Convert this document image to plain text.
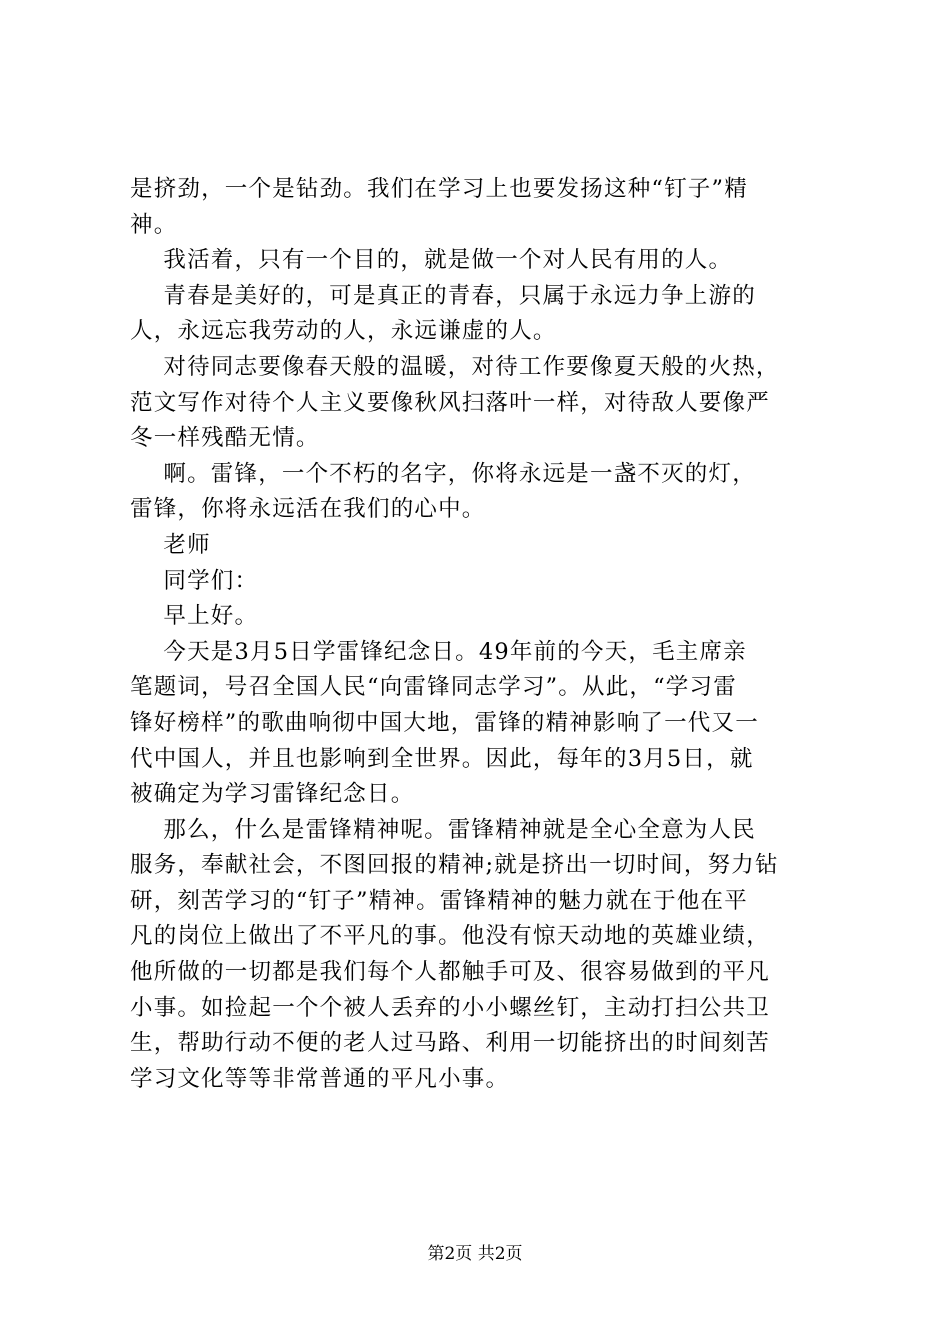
是挤劲，一个是钻劲。我们在学习上也要发扬这种“钉子”精
神。
我活着，只有一个目的，就是做一个对人民有用的人。
青春是美好的，可是真正的青春，只属于永远力争上游的
人，永远忘我劳动的人，永远谦虚的人。
对待同志要像春天般的温暖，对待工作要像夏天般的火热，
范文写作对待个人主义要像秋风扫落叶一样，对待敌人要像严
冬一样残酷无情。
啊。雷锋，一个不朽的名字，你将永远是一盏不灭的灯，
雷锋，你将永远活在我们的心中。
老师
同学们：
早上好。
今天是3月5日学雷锋纪念日。49年前的今天，毛主席亲
笔题词，号召全国人民“向雷锋同志学习”。从此，“学习雷
锋好榜样”的歌曲响彻中国大地，雷锋的精神影响了一代又一
代中国人，并且也影响到全世界。因此，每年的3月5日，就
被确定为学习雷锋纪念日。
那么，什么是雷锋精神呢。雷锋精神就是全心全意为人民
服务，奉献社会，不图回报的精神;就是挤出一切时间，努力钻
研，刻苦学习的“钉子”精神。雷锋精神的魅力就在于他在平
凡的岗位上做出了不平凡的事。他没有惊天动地的英雄业绩，
他所做的一切都是我们每个人都触手可及、很容易做到的平凡
小事。如捡起一个个被人丢弃的小小螺丝钉，主动打扫公共卫
生，帮助行动不便的老人过马路、利用一切能挤出的时间刻苦
学习文化等等非常普通的平凡小事。
第2页 共2页
